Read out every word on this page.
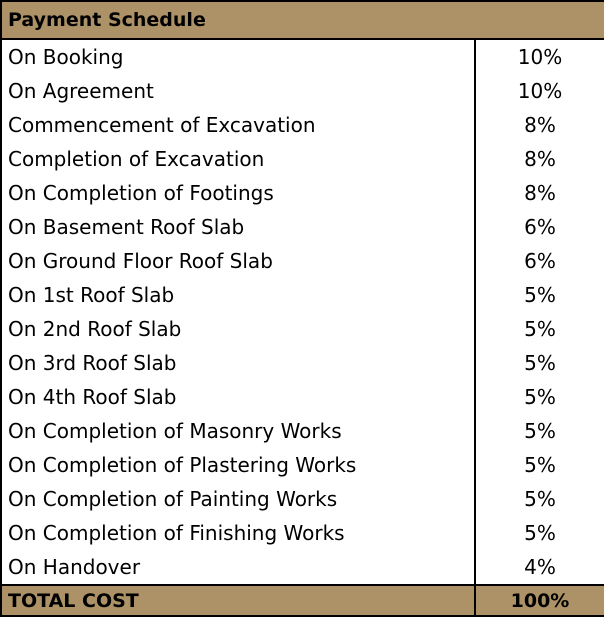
Payment Schedule	
On Booking	10%
On Agreement	10%
Commencement of Excavation	8%
Completion of Excavation	8%
On Completion of Footings	8%
On Basement Roof Slab	6%
On Ground Floor Roof Slab	6%
On 1st Roof Slab	5%
On 2nd Roof Slab	5%
On 3rd Roof Slab	5%
On 4th Roof Slab	5%
On Completion of Masonry Works	5%
On Completion of Plastering Works	5%
On Completion of Painting Works	5%
On Completion of Finishing Works	5%
On Handover	4%
TOTAL COST	100%
